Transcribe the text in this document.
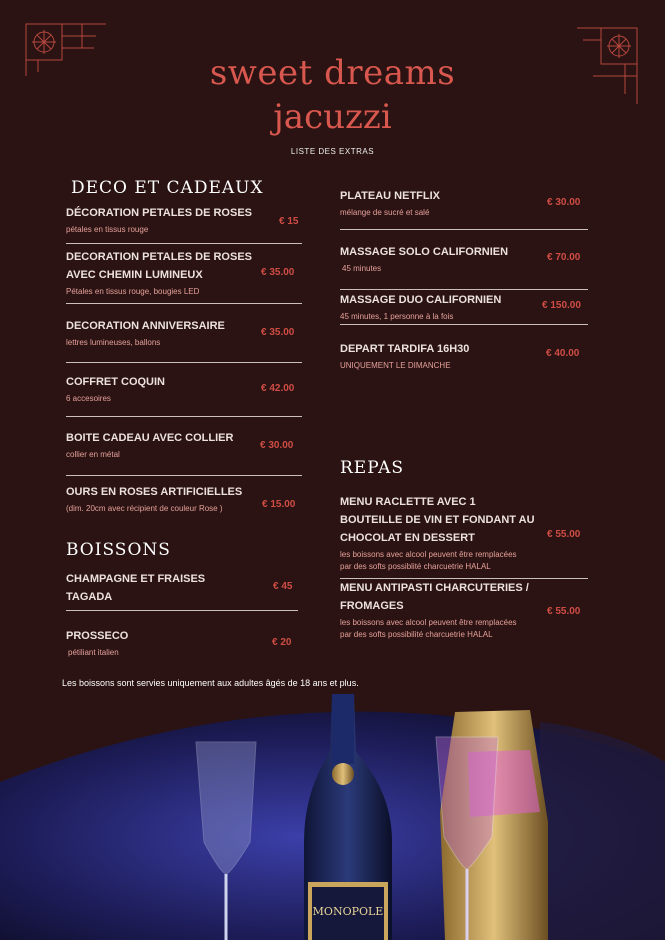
sweet dreams
jacuzzi
LISTE DES EXTRAS
DECO ET CADEAUX
DÉCORATION PETALES DE ROSES
pétales en tissus rouge
€ 15
DECORATION PETALES DE ROSES AVEC CHEMIN LUMINEUX
Pétales en tissus rouge, bougies LED
€ 35.00
DECORATION ANNIVERSAIRE
lettres lumineuses, ballons
€ 35.00
COFFRET COQUIN
6 accesoires
€ 42.00
BOITE CADEAU AVEC COLLIER
collier en métal
€ 30.00
OURS EN ROSES ARTIFICIELLES
(dim. 20cm avec récipient de couleur Rose )	€ 15.00
BOISSONS
CHAMPAGNE ET FRAISES TAGADA
€ 45
PROSSECO
pétiliant italien
€ 20
PLATEAU NETFLIX
mélange de sucré et salé
€ 30.00
MASSAGE SOLO CALIFORNIEN
45 minutes
€ 70.00
MASSAGE DUO CALIFORNIEN
45 minutes, 1 personne à la fois
€ 150.00
DEPART TARDIFA 16H30
UNIQUEMENT LE DIMANCHE
€ 40.00
REPAS
MENU RACLETTE AVEC 1 BOUTEILLE DE VIN ET FONDANT AU CHOCOLAT EN DESSERT
les boissons avec alcool peuvent être remplacées par des softs possiblité charcuetrie HALAL
€ 55.00
MENU ANTIPASTI CHARCUTERIES / FROMAGES
les boissons avec alcool peuvent être remplacées par des softs possibilité charcuetrie HALAL
€ 55.00
Les boissons sont servies uniquement aux adultes âgés de 18 ans et plus.
MONOPOLE
